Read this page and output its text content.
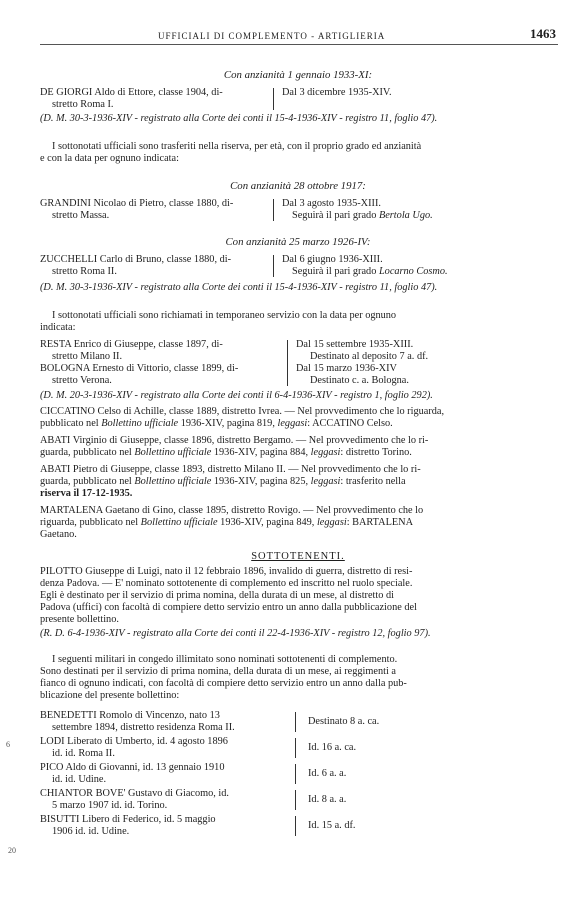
UFFICIALI DI COMPLEMENTO - ARTIGLIERIA	1463
Con anzianità 1 gennaio 1933-XI:
DE GIORGI Aldo di Ettore, classe 1904, di-
stretto Roma I.
Dal 3 dicembre 1935-XIV.
(D. M. 30-3-1936-XIV - registrato alla Corte dei conti il 15-4-1936-XIV - registro 11, foglio 47).
I sottonotati ufficiali sono trasferiti nella riserva, per età, con il proprio grado ed anzianità
e con la data per ognuno indicata:
Con anzianità 28 ottobre 1917:
GRANDINI Nicolao di Pietro, classe 1880, di-
stretto Massa.
Dal 3 agosto 1935-XIII.
Seguirà il pari grado Bertola Ugo.
Con anzianità 25 marzo 1926-IV:
ZUCCHELLI Carlo di Bruno, classe 1880, di-
stretto Roma II.
Dal 6 giugno 1936-XIII.
Seguirà il pari grado Locarno Cosmo.
(D. M. 30-3-1936-XIV - registrato alla Corte dei conti il 15-4-1936-XIV - registro 11, foglio 47).
I sottonotati ufficiali sono richiamati in temporaneo servizio con la data per ognuno
indicata:
RESTA Enrico di Giuseppe, classe 1897, di-
stretto Milano II.
BOLOGNA Ernesto di Vittorio, classe 1899, di-
stretto Verona.
Dal 15 settembre 1935-XIII.
Destinato al deposito 7 a. df.
Dal 15 marzo 1936-XIV
Destinato c. a. Bologna.
(D. M. 20-3-1936-XIV - registrato alla Corte dei conti il 6-4-1936-XIV - registro 1, foglio 292).
CICCATINO Celso di Achille, classe 1889, distretto Ivrea. — Nel provvedimento che lo riguarda,
pubblicato nel Bollettino ufficiale 1936-XIV, pagina 819, leggasi: ACCATINO Celso.
ABATI Virginio di Giuseppe, classe 1896, distretto Bergamo. — Nel provvedimento che lo ri-
guarda, pubblicato nel Bollettino ufficiale 1936-XIV, pagina 884, leggasi: distretto Torino.
ABATI Pietro di Giuseppe, classe 1893, distretto Milano II. — Nel provvedimento che lo ri-
guarda, pubblicato nel Bollettino ufficiale 1936-XIV, pagina 825, leggasi: trasferito nella
riserva il 17-12-1935.
MARTALENA Gaetano di Gino, classe 1895, distretto Rovigo. — Nel provvedimento che lo
riguarda, pubblicato nel Bollettino ufficiale 1936-XIV, pagina 849, leggasi: BARTALENA
Gaetano.
SOTTOTENENTI.
PILOTTO Giuseppe di Luigi, nato il 12 febbraio 1896, invalido di guerra, distretto di resi-
denza Padova. — E' nominato sottotenente di complemento ed inscritto nel ruolo speciale.
Egli è destinato per il servizio di prima nomina, della durata di un mese, al distretto di
Padova (uffici) con facoltà di compiere detto servizio entro un anno dalla pubblicazione del
presente bollettino.
(R. D. 6-4-1936-XIV - registrato alla Corte dei conti il 22-4-1936-XIV - registro 12, foglio 97).
I seguenti militari in congedo illimitato sono nominati sottotenenti di complemento.
Sono destinati per il servizio di prima nomina, della durata di un mese, ai reggimenti a
fianco di ognuno indicati, con facoltà di compiere detto servizio entro un anno dalla pub-
blicazione del presente bollettino:
BENEDETTI Romolo di Vincenzo, nato 13
settembre 1894, distretto residenza Roma II.
Destinato 8 a. ca.
LODI Liberato di Umberto, id. 4 agosto 1896
id. id. Roma II.
Id. 16 a. ca.
PICO Aldo di Giovanni, id. 13 gennaio 1910
id. id. Udine.
Id. 6 a. a.
CHIANTOR BOVE' Gustavo di Giacomo, id.
5 marzo 1907 id. id. Torino.
Id. 8 a. a.
BISUTTI Libero di Federico, id. 5 maggio
1906 id. id. Udine.
Id. 15 a. df.
6
20
